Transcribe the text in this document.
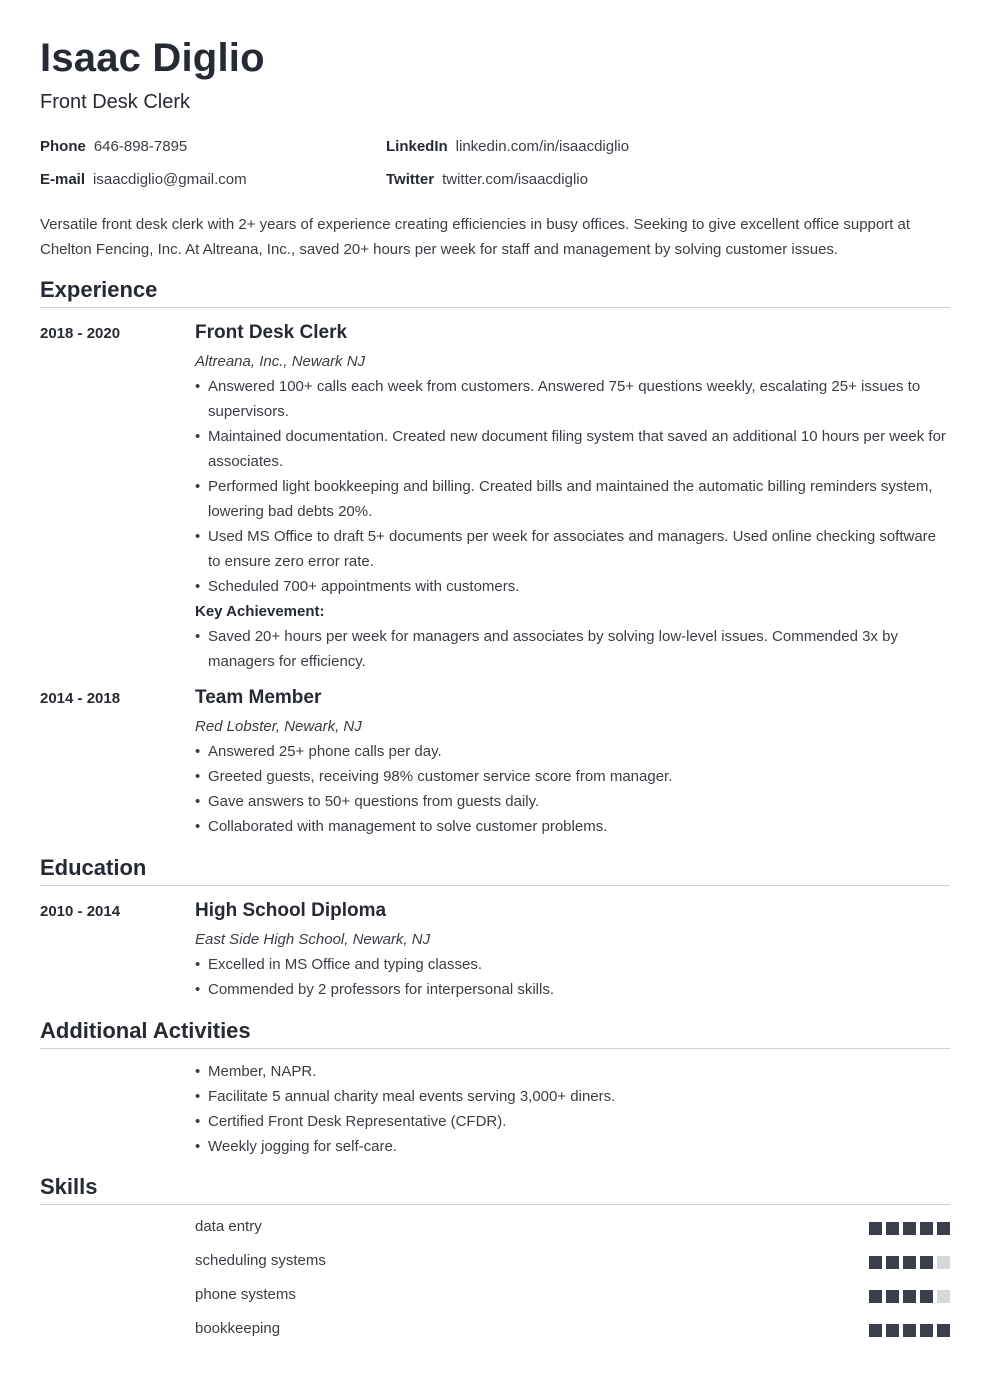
Isaac Diglio
Front Desk Clerk
Phone 646-898-7895
E-mail isaacdiglio@gmail.com
LinkedIn linkedin.com/in/isaacdiglio
Twitter twitter.com/isaacdiglio
Versatile front desk clerk with 2+ years of experience creating efficiencies in busy offices. Seeking to give excellent office support at Chelton Fencing, Inc. At Altreana, Inc., saved 20+ hours per week for staff and management by solving customer issues.
Experience
2018 - 2020	Front Desk Clerk
Altreana, Inc., Newark NJ
• Answered 100+ calls each week from customers. Answered 75+ questions weekly, escalating 25+ issues to supervisors.
• Maintained documentation. Created new document filing system that saved an additional 10 hours per week for associates.
• Performed light bookkeeping and billing. Created bills and maintained the automatic billing reminders system, lowering bad debts 20%.
• Used MS Office to draft 5+ documents per week for associates and managers. Used online checking software to ensure zero error rate.
• Scheduled 700+ appointments with customers.
Key Achievement:
• Saved 20+ hours per week for managers and associates by solving low-level issues. Commended 3x by managers for efficiency.
2014 - 2018	Team Member
Red Lobster, Newark, NJ
• Answered 25+ phone calls per day.
• Greeted guests, receiving 98% customer service score from manager.
• Gave answers to 50+ questions from guests daily.
• Collaborated with management to solve customer problems.
Education
2010 - 2014	High School Diploma
East Side High School, Newark, NJ
• Excelled in MS Office and typing classes.
• Commended by 2 professors for interpersonal skills.
Additional Activities
• Member, NAPR.
• Facilitate 5 annual charity meal events serving 3,000+ diners.
• Certified Front Desk Representative (CFDR).
• Weekly jogging for self-care.
Skills
data entry
scheduling systems
phone systems
bookkeeping
